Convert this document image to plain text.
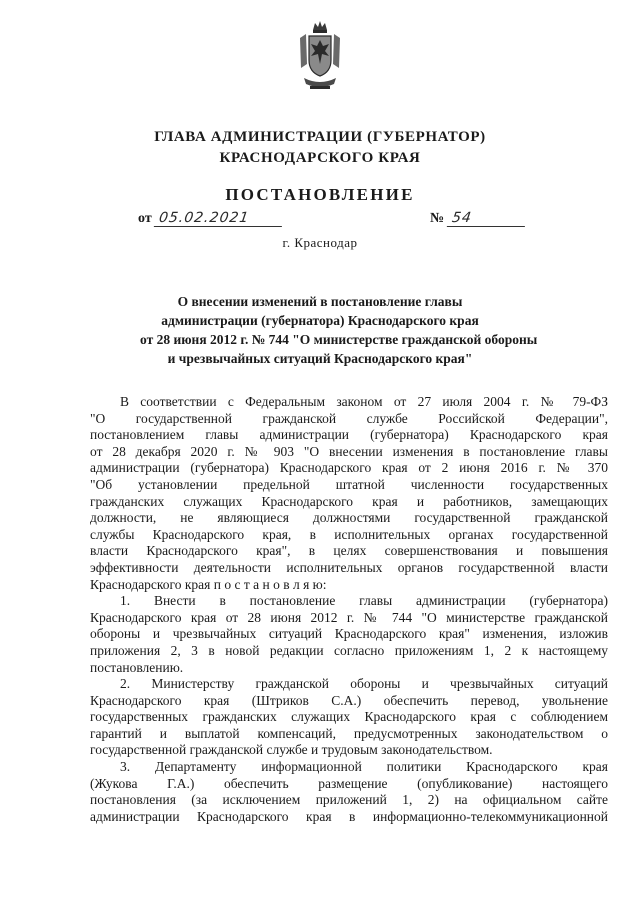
ГЛАВА АДМИНИСТРАЦИИ (ГУБЕРНАТОР)
КРАСНОДАРСКОГО КРАЯ
ПОСТАНОВЛЕНИЕ
от 05.02.2021	№ 54
г. Краснодар
О внесении изменений в постановление главы
администрации (губернатора) Краснодарского края
от 28 июня 2012 г. № 744 "О министерстве гражданской обороны
и чрезвычайных ситуаций Краснодарского края"
В соответствии с Федеральным законом от 27 июля 2004 г. № 79-ФЗ
"О государственной гражданской службе Российской Федерации",
постановлением главы администрации (губернатора) Краснодарского края
от 28 декабря 2020 г. № 903 "О внесении изменения в постановление главы
администрации (губернатора) Краснодарского края от 2 июня 2016 г. № 370
"Об установлении предельной штатной численности государственных
гражданских служащих Краснодарского края и работников, замещающих
должности, не являющиеся должностями государственной гражданской
службы Краснодарского края, в исполнительных органах государственной
власти Краснодарского края", в целях совершенствования и повышения
эффективности деятельности исполнительных органов государственной власти
Краснодарского края п о с т а н о в л я ю:
1. Внести в постановление главы администрации (губернатора)
Краснодарского края от 28 июня 2012 г. № 744 "О министерстве гражданской
обороны и чрезвычайных ситуаций Краснодарского края" изменения, изложив
приложения 2, 3 в новой редакции согласно приложениям 1, 2 к настоящему
постановлению.
2. Министерству гражданской обороны и чрезвычайных ситуаций
Краснодарского края (Штриков С.А.) обеспечить перевод, увольнение
государственных гражданских служащих Краснодарского края с соблюдением
гарантий и выплатой компенсаций, предусмотренных законодательством о
государственной гражданской службе и трудовым законодательством.
3. Департаменту информационной политики Краснодарского края
(Жукова Г.А.) обеспечить размещение (опубликование) настоящего
постановления (за исключением приложений 1, 2) на официальном сайте
администрации Краснодарского края в информационно-телекоммуникационной
